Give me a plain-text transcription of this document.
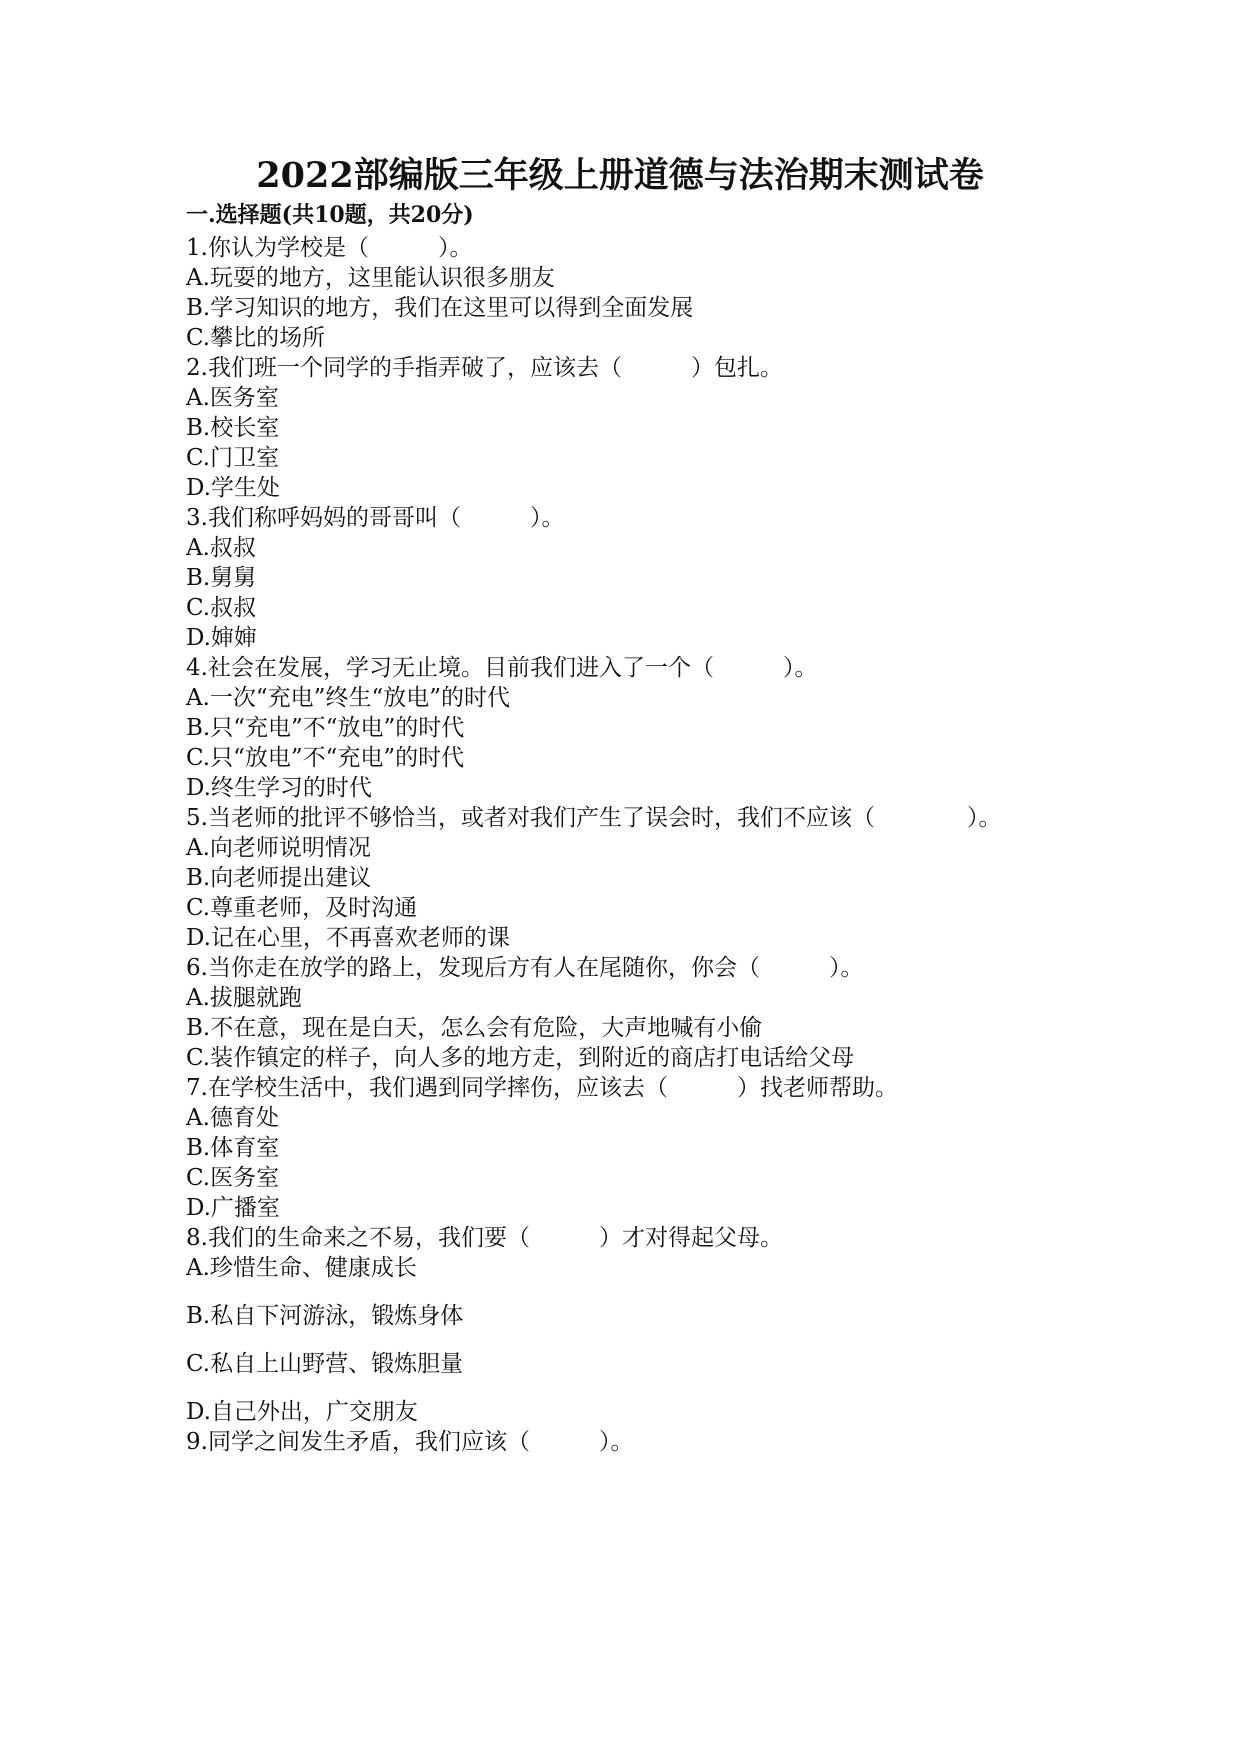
2022部编版三年级上册道德与法治期末测试卷
一.选择题(共10题，共20分)
1.你认为学校是（　　　）。
A.玩耍的地方，这里能认识很多朋友
B.学习知识的地方，我们在这里可以得到全面发展
C.攀比的场所
2.我们班一个同学的手指弄破了，应该去（　　　）包扎。
A.医务室
B.校长室
C.门卫室
D.学生处
3.我们称呼妈妈的哥哥叫（　　　）。
A.叔叔
B.舅舅
C.叔叔
D.婶婶
4.社会在发展，学习无止境。目前我们进入了一个（　　　）。
A.一次“充电”终生“放电”的时代
B.只“充电”不“放电”的时代
C.只“放电”不“充电”的时代
D.终生学习的时代
5.当老师的批评不够恰当，或者对我们产生了误会时，我们不应该（　　　　）。
A.向老师说明情况
B.向老师提出建议
C.尊重老师，及时沟通
D.记在心里，不再喜欢老师的课
6.当你走在放学的路上，发现后方有人在尾随你，你会（　　　）。
A.拔腿就跑
B.不在意，现在是白天，怎么会有危险，大声地喊有小偷
C.装作镇定的样子，向人多的地方走，到附近的商店打电话给父母
7.在学校生活中，我们遇到同学摔伤，应该去（　　　）找老师帮助。
A.德育处
B.体育室
C.医务室
D.广播室
8.我们的生命来之不易，我们要（　　　）才对得起父母。
A.珍惜生命、健康成长
B.私自下河游泳，锻炼身体
C.私自上山野营、锻炼胆量
D.自己外出，广交朋友
9.同学之间发生矛盾，我们应该（　　　）。
